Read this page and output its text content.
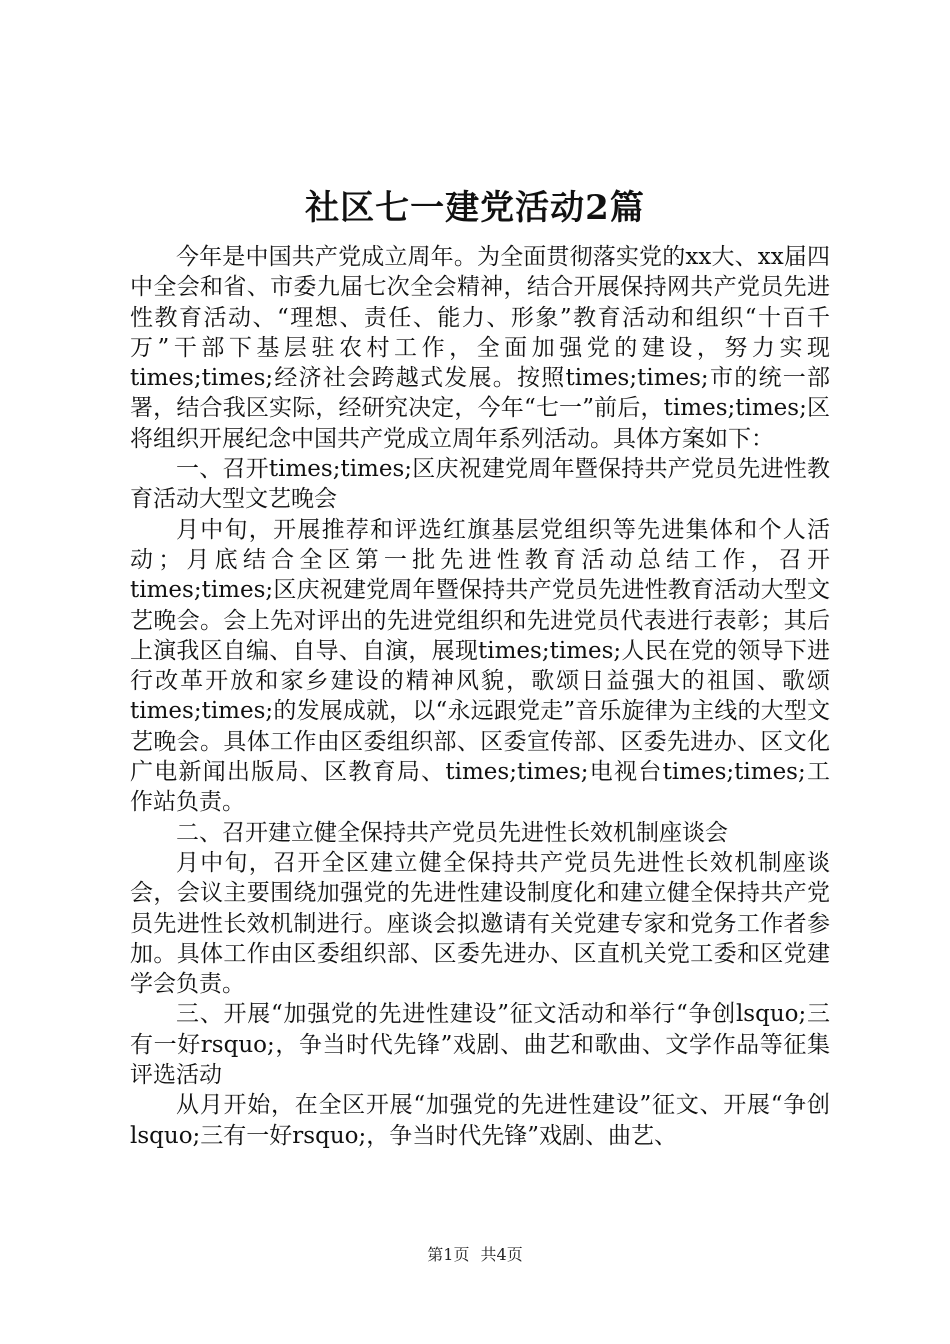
社区七一建党活动2篇

今年是中国共产党成立周年。为全面贯彻落实党的xx大、xx届四中全会和省、市委九届七次全会精神，结合开展保持网共产党员先进性教育活动、“理想、责任、能力、形象”教育活动和组织“十百千万”干部下基层驻农村工作，全面加强党的建设，努力实现times;times;经济社会跨越式发展。按照times;times;市的统一部署，结合我区实际，经研究决定，今年“七一”前后，times;times;区将组织开展纪念中国共产党成立周年系列活动。具体方案如下：

一、召开times;times;区庆祝建党周年暨保持共产党员先进性教育活动大型文艺晚会

月中旬，开展推荐和评选红旗基层党组织等先进集体和个人活动；月底结合全区第一批先进性教育活动总结工作，召开times;times;区庆祝建党周年暨保持共产党员先进性教育活动大型文艺晚会。会上先对评出的先进党组织和先进党员代表进行表彰；其后上演我区自编、自导、自演，展现times;times;人民在党的领导下进行改革开放和家乡建设的精神风貌，歌颂日益强大的祖国、歌颂times;times;的发展成就，以“永远跟党走”音乐旋律为主线的大型文艺晚会。具体工作由区委组织部、区委宣传部、区委先进办、区文化广电新闻出版局、区教育局、times;times;电视台times;times;工作站负责。

二、召开建立健全保持共产党员先进性长效机制座谈会

月中旬，召开全区建立健全保持共产党员先进性长效机制座谈会，会议主要围绕加强党的先进性建设制度化和建立健全保持共产党员先进性长效机制进行。座谈会拟邀请有关党建专家和党务工作者参加。具体工作由区委组织部、区委先进办、区直机关党工委和区党建学会负责。

三、开展“加强党的先进性建设”征文活动和举行“争创lsquo;三有一好rsquo;，争当时代先锋”戏剧、曲艺和歌曲、文学作品等征集评选活动

从月开始，在全区开展“加强党的先进性建设”征文、开展“争创lsquo;三有一好rsquo;，争当时代先锋”戏剧、曲艺、

第1页 共4页
